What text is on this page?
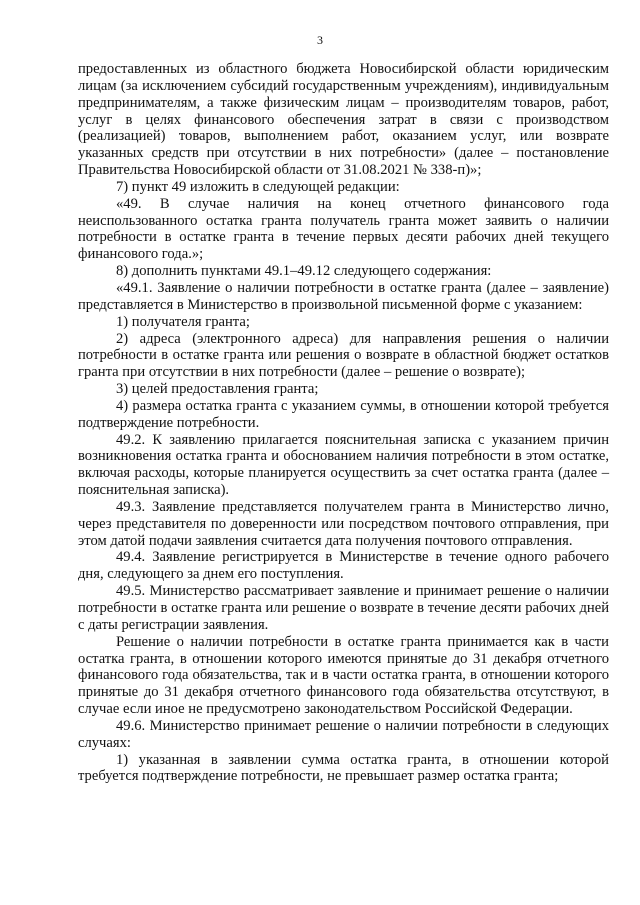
3

предоставленных из областного бюджета Новосибирской области юридическим лицам (за исключением субсидий государственным учреждениям), индивидуальным предпринимателям, а также физическим лицам – производителям товаров, работ, услуг в целях финансового обеспечения затрат в связи с производством (реализацией) товаров, выполнением работ, оказанием услуг, или возврате указанных средств при отсутствии в них потребности» (далее – постановление Правительства Новосибирской области от 31.08.2021 № 338-п)»;

7) пункт 49 изложить в следующей редакции:

«49. В случае наличия на конец отчетного финансового года неиспользованного остатка гранта получатель гранта может заявить о наличии потребности в остатке гранта в течение первых десяти рабочих дней текущего финансового года.»;

8) дополнить пунктами 49.1–49.12 следующего содержания:

«49.1. Заявление о наличии потребности в остатке гранта (далее – заявление) представляется в Министерство в произвольной письменной форме с указанием:

1) получателя гранта;

2) адреса (электронного адреса) для направления решения о наличии потребности в остатке гранта или решения о возврате в областной бюджет остатков гранта при отсутствии в них потребности (далее – решение о возврате);

3) целей предоставления гранта;

4) размера остатка гранта с указанием суммы, в отношении которой требуется подтверждение потребности.

49.2. К заявлению прилагается пояснительная записка с указанием причин возникновения остатка гранта и обоснованием наличия потребности в этом остатке, включая расходы, которые планируется осуществить за счет остатка гранта (далее – пояснительная записка).

49.3. Заявление представляется получателем гранта в Министерство лично, через представителя по доверенности или посредством почтового отправления, при этом датой подачи заявления считается дата получения почтового отправления.

49.4. Заявление регистрируется в Министерстве в течение одного рабочего дня, следующего за днем его поступления.

49.5. Министерство рассматривает заявление и принимает решение о наличии потребности в остатке гранта или решение о возврате в течение десяти рабочих дней с даты регистрации заявления.

Решение о наличии потребности в остатке гранта принимается как в части остатка гранта, в отношении которого имеются принятые до 31 декабря отчетного финансового года обязательства, так и в части остатка гранта, в отношении которого принятые до 31 декабря отчетного финансового года обязательства отсутствуют, в случае если иное не предусмотрено законодательством Российской Федерации.

49.6. Министерство принимает решение о наличии потребности в следующих случаях:

1) указанная в заявлении сумма остатка гранта, в отношении которой требуется подтверждение потребности, не превышает размер остатка гранта;
